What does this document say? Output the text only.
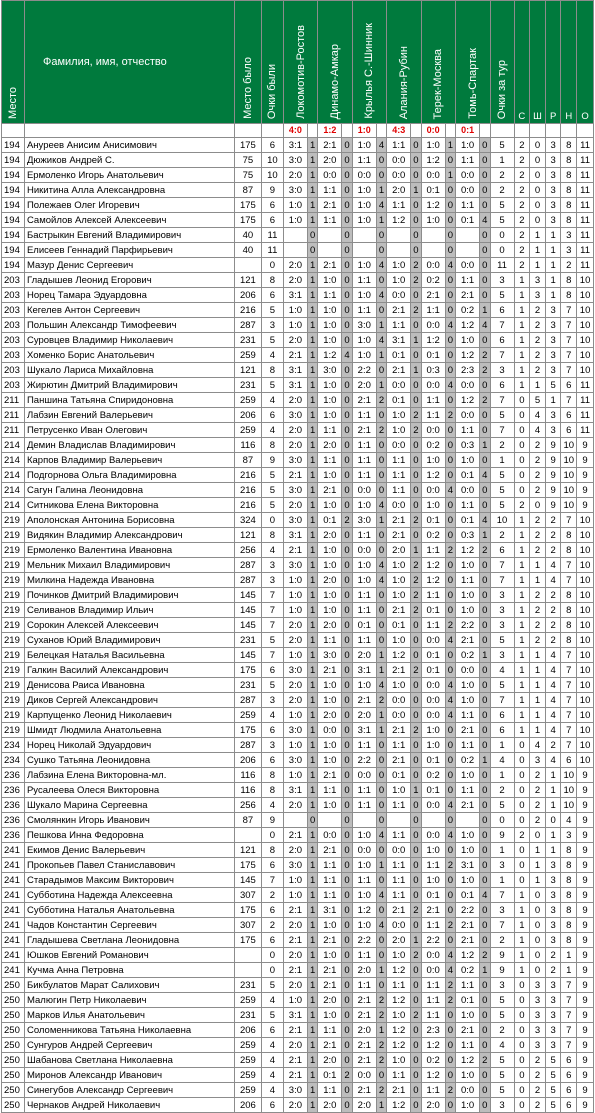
Место	Фамилия, имя, отчество	Место было	Очки были	Локомотив-Ростов		Динамо-Амкар		Крылья С.-Шинник		Алания-Рубин		Терек-Москва		Томь-Спартак		Очки за тур	С	Ш	Р	Н	О
				4:0		1:2		1:0		4:3		0:0		0:1							
194	Ануреев Анисим Анисимович	175	6	3:1	1	2:1	0	1:0	4	1:1	0	1:0	1	1:0	0	5	2	0	3	8	11
194	Дюжиков Андрей С.	75	10	3:0	1	2:0	0	1:1	0	0:0	0	1:2	0	1:1	0	1	2	0	3	8	11
194	Ермоленко Игорь Анатольевич	75	10	2:0	1	0:0	0	0:0	0	0:0	0	0:0	1	0:0	0	2	2	0	3	8	11
194	Никитина Алла Александровна	87	9	3:0	1	1:1	0	1:0	1	2:0	1	0:1	0	0:0	0	2	2	0	3	8	11
194	Полежаев Олег Игоревич	175	6	1:0	1	2:1	0	1:0	4	1:1	0	1:2	0	1:1	0	5	2	0	3	8	11
194	Самойлов Алексей Алексеевич	175	6	1:0	1	1:1	0	1:0	1	1:2	0	1:0	0	0:1	4	5	2	0	3	8	11
194	Бастрыкин Евгений Владимирович	40	11		0		0		0		0		0		0	0	2	1	1	3	11
194	Елисеев Геннадий Парфирьевич	40	11		0		0		0		0		0		0	0	2	1	1	3	11
194	Мазур Денис Сергеевич		0	2:0	1	2:1	0	1:0	4	1:0	2	0:0	4	0:0	0	11	2	1	1	2	11
203	Гладышев Леонид Егорович	121	8	2:0	1	1:0	0	1:1	0	1:0	2	0:2	0	1:1	0	3	1	3	1	8	10
203	Норец Тамара Эдуардовна	206	6	3:1	1	1:1	0	1:0	4	0:0	0	2:1	0	2:1	0	5	1	3	1	8	10
203	Кегелев Антон Сергеевич	216	5	1:0	1	1:0	0	1:1	0	2:1	2	1:1	0	0:2	1	6	1	2	3	7	10
203	Польшин Александр Тимофеевич	287	3	1:0	1	1:0	0	3:0	1	1:1	0	0:0	4	1:2	4	7	1	2	3	7	10
203	Суровцев Владимир Николаевич	231	5	2:0	1	1:0	0	1:0	4	3:1	1	1:2	0	1:0	0	6	1	2	3	7	10
203	Хоменко Борис Анатольевич	259	4	2:1	1	1:2	4	1:0	1	0:1	0	0:1	0	1:2	2	7	1	2	3	7	10
203	Шукало Лариса Михайловна	121	8	3:1	1	3:0	0	2:2	0	2:1	1	0:3	0	2:3	2	3	1	2	3	7	10
203	Жирютин Дмитрий Владимирович	231	5	3:1	1	1:0	0	2:0	1	0:0	0	0:0	4	0:0	0	6	1	1	5	6	11
211	Паншина Татьяна Спиридоновна	259	4	2:0	1	1:0	0	2:1	2	0:1	0	1:1	0	1:2	2	7	0	5	1	7	11
211	Лабзин Евгений Валерьевич	206	6	3:0	1	1:0	0	1:1	0	1:0	2	1:1	2	0:0	0	5	0	4	3	6	11
211	Петрусенко Иван Олегович	259	4	2:0	1	1:1	0	2:1	2	1:0	2	0:0	0	1:1	0	7	0	4	3	6	11
214	Демин Владислав Владимирович	116	8	2:0	1	2:0	0	1:1	0	0:0	0	0:2	0	0:3	1	2	0	2	9	10	9
214	Карпов Владимир Валерьевич	87	9	3:0	1	1:1	0	1:1	0	1:1	0	1:0	0	1:0	0	1	0	2	9	10	9
214	Подгорнова Ольга Владимировна	216	5	2:1	1	1:0	0	1:1	0	1:1	0	1:2	0	0:1	4	5	0	2	9	10	9
214	Сагун Галина Леонидовна	216	5	3:0	1	2:1	0	0:0	0	1:1	0	0:0	4	0:0	0	5	0	2	9	10	9
214	Ситникова Елена Викторовна	216	5	2:0	1	1:0	0	1:0	4	0:0	0	1:0	0	1:1	0	5	2	0	9	10	9
219	Аполонская Антонина Борисовна	324	0	3:0	1	0:1	2	3:0	1	2:1	2	0:1	0	0:1	4	10	1	2	2	7	10
219	Видякин Владимир Александрович	121	8	3:1	1	2:0	0	1:1	0	2:1	0	0:2	0	0:3	1	2	1	2	2	8	10
219	Ермоленко Валентина Ивановна	256	4	2:1	1	1:0	0	0:0	0	2:0	1	1:1	2	1:2	2	6	1	2	2	8	10
219	Мельник Михаил Владимирович	287	3	3:0	1	1:0	0	1:0	4	1:0	2	1:2	0	1:0	0	7	1	1	4	7	10
219	Милкина Надежда Ивановна	287	3	1:0	1	2:0	0	1:0	4	1:0	2	1:2	0	1:1	0	7	1	1	4	7	10
219	Починков Дмитрий Владимирович	145	7	1:0	1	1:0	0	1:1	0	1:0	2	1:1	0	1:0	0	3	1	2	2	8	10
219	Селиванов Владимир Ильич	145	7	1:0	1	1:0	0	1:1	0	2:1	2	0:1	0	1:0	0	3	1	2	2	8	10
219	Сорокин Алексей Алексеевич	145	7	2:0	1	2:0	0	0:1	0	0:1	0	1:1	2	2:2	0	3	1	2	2	8	10
219	Суханов Юрий Владимирович	231	5	2:0	1	1:1	0	1:1	0	1:0	0	0:0	4	2:1	0	5	1	2	2	8	10
219	Белецкая Наталья Васильевна	145	7	1:0	1	3:0	0	2:0	1	1:2	0	0:1	0	0:2	1	3	1	1	4	7	10
219	Галкин Василий Александрович	175	6	3:0	1	2:1	0	3:1	1	2:1	2	0:1	0	0:0	0	4	1	1	4	7	10
219	Денисова Раиса Ивановна	231	5	2:0	1	1:0	0	1:0	4	1:0	0	0:0	4	1:0	0	5	1	1	4	7	10
219	Диков Сергей Александрович	287	3	2:0	1	1:0	0	2:1	2	0:0	0	0:0	4	1:0	0	7	1	1	4	7	10
219	Карпущенко Леонид Николаевич	259	4	1:0	1	2:0	0	2:0	1	0:0	0	0:0	4	1:1	0	6	1	1	4	7	10
219	Шмидт Людмила Анатольевна	175	6	3:0	1	0:0	0	3:1	1	2:1	2	1:0	0	2:1	0	6	1	1	4	7	10
234	Норец Николай Эдуардович	287	3	1:0	1	1:0	0	1:1	0	1:1	0	1:0	0	1:1	0	1	0	4	2	7	10
234	Сушко Татьяна Леонидовна	206	6	3:0	1	1:0	0	2:2	0	2:1	0	0:1	0	0:2	1	4	0	3	4	6	10
236	Лабзина Елена Викторовна-мл.	116	8	1:0	1	2:1	0	0:0	0	0:1	0	0:2	0	1:0	0	1	0	2	1	10	9
236	Русалеева Олеся Викторовна	116	8	3:1	1	1:1	0	1:1	0	1:0	1	0:1	0	1:1	0	2	0	2	1	10	9
236	Шукало Марина Сергеевна	256	4	2:0	1	1:0	0	1:1	0	1:1	0	0:0	4	2:1	0	5	0	2	1	10	9
236	Смолянкин Игорь Иванович	87	9		0		0		0		0		0		0	0	0	2	0	4	9
236	Пешкова Инна Федоровна		0	2:1	1	0:0	0	1:0	4	1:1	0	0:0	4	1:0	0	9	2	0	1	3	9
241	Екимов Денис Валерьевич	121	8	2:0	1	2:1	0	0:0	0	0:0	0	1:0	0	1:0	0	1	0	1	1	8	9
241	Прокопьев Павел Станиславович	175	6	3:0	1	1:1	0	1:0	1	1:1	0	1:1	2	3:1	0	3	0	1	3	8	9
241	Старадымов Максим Викторович	145	7	1:0	1	1:1	0	1:1	0	1:1	0	1:0	0	1:0	0	1	0	1	3	8	9
241	Субботина Надежда Алексеевна	307	2	1:0	1	1:1	0	1:0	4	1:1	0	0:1	0	0:1	4	7	1	0	3	8	9
241	Субботина Наталья Анатольевна	175	6	2:1	1	3:1	0	1:2	0	2:1	2	2:1	0	2:2	0	3	1	0	3	8	9
241	Чадов Константин Сергеевич	307	2	2:0	1	1:0	0	1:0	4	0:0	0	1:1	2	2:1	0	7	1	0	3	8	9
241	Гладышева Светлана Леонидовна	175	6	2:1	1	2:1	0	2:2	0	2:0	1	2:2	0	2:1	0	2	1	0	3	8	9
241	Юшков Евгений Романович		0	2:0	1	1:0	0	1:1	0	1:0	2	0:0	4	1:2	2	9	1	0	2	1	9
241	Кучма Анна Петровна		0	2:1	1	2:1	0	2:0	1	1:2	0	0:0	4	0:2	1	9	1	0	2	1	9
250	Бикбулатов Марат Салихович	231	5	2:0	1	2:1	0	1:1	0	1:1	0	1:1	2	1:1	0	3	0	3	3	7	9
250	Малюгин Петр Николаевич	259	4	1:0	1	2:0	0	2:1	2	1:2	0	1:1	2	0:1	0	5	0	3	3	7	9
250	Марков Илья Анатольевич	231	5	3:1	1	1:0	0	2:1	2	1:0	2	1:1	0	1:0	0	5	0	3	3	7	9
250	Соломенникова Татьяна Николаевна	206	6	2:1	1	1:1	0	2:0	1	1:2	0	2:3	0	2:1	0	2	0	3	3	7	9
250	Сунгуров Андрей Сергеевич	259	4	2:0	1	2:1	0	2:1	2	1:2	0	1:2	0	1:1	0	4	0	3	3	7	9
250	Шабанова Светлана Николаевна	259	4	2:1	1	2:0	0	2:1	2	1:0	0	0:2	0	1:2	2	5	0	2	5	6	9
250	Миронов Александр Иванович	259	4	2:1	1	0:1	2	0:0	0	1:1	0	1:2	0	1:0	0	5	0	2	5	6	9
250	Синегубов Александр Сергеевич	259	4	3:0	1	1:1	0	2:1	2	2:1	0	1:1	2	0:0	0	5	0	2	5	6	9
250	Чернаков Андрей Николаевич	206	6	2:0	1	2:0	0	2:0	1	1:2	0	2:0	0	1:0	0	3	0	2	5	6	9
